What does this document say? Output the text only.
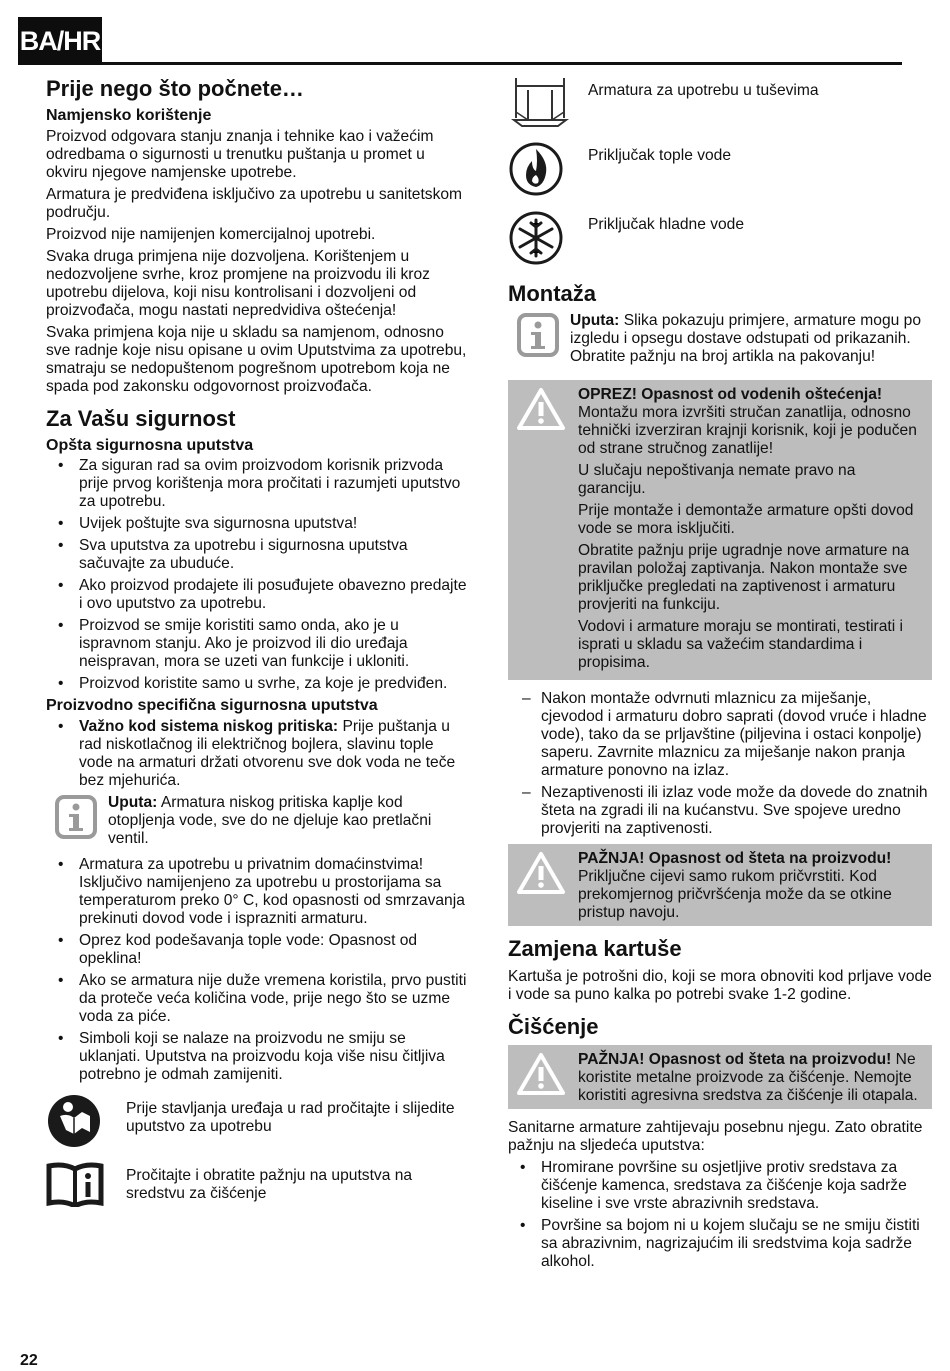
BA/HR
Prije nego što počnete…
Namjensko korištenje

Proizvod odgovara stanju znanja i tehnike kao i važećim odredbama o sigurnosti u trenutku puštanja u promet u okviru njegove namjenske upotrebe.

Armatura je predviđena isključivo za upotrebu u sanitetskom području.

Proizvod nije namijenjen komercijalnoj upotrebi.

Svaka druga primjena nije dozvoljena. Korištenjem u nedozvoljene svrhe, kroz promjene na proizvodu ili kroz upotrebu dijelova, koji nisu kontrolisani i dozvoljeni od proizvođača, mogu nastati nepredvidiva oštećenja!

Svaka primjena koja nije u skladu sa namjenom, odnosno sve radnje koje nisu opisane u ovim Uputstvima za upotrebu, smatraju se nedopuštenom pogrešnom upotrebom koja ne spada pod zakonsku odgovornost proizvođača.

Za Vašu sigurnost
Opšta sigurnosna uputstva
• Za siguran rad sa ovim proizvodom korisnik prizvoda prije prvog korištenja mora pročitati i razumjeti uputstvo za upotrebu.
• Uvijek poštujte sva sigurnosna uputstva!
• Sva uputstva za upotrebu i sigurnosna uputstva sačuvajte za ubuduće.
• Ako proizvod prodajete ili posuđujete obavezno predajte i ovo uputstvo za upotrebu.
• Proizvod se smije koristiti samo onda, ako je u ispravnom stanju. Ako je proizvod ili dio uređaja neispravan, mora se uzeti van funkcije i ukloniti.
• Proizvod koristite samo u svrhe, za koje je predviđen.
Proizvodno specifična sigurnosna uputstva
• Važno kod sistema niskog pritiska: Prije puštanja u rad niskotlačnog ili električnog bojlera, slavinu tople vode na armaturi držati otvorenu sve dok voda ne teče bez mjehurića.

Uputa: Armatura niskog pritiska kaplje kod otopljenja vode, sve do ne djeluje kao pretlačni ventil.

• Armatura za upotrebu u privatnim domaćinstvima! Isključivo namijenjeno za upotrebu u prostorijama sa temperaturom preko 0° C, kod opasnosti od smrzavanja prekinuti dovod vode i isprazniti armaturu.
• Oprez kod podešavanja tople vode: Opasnost od opeklina!
• Ako se armatura nije duže vremena koristila, prvo pustiti da proteče veća količina vode, prije nego što se uzme voda za piće.
• Simboli koji se nalaze na proizvodu ne smiju se uklanjati. Uputstva na proizvodu koja više nisu čitljiva potrebno je odmah zamijeniti.

Prije stavljanja uređaja u rad pročitajte i slijedite uputstvo za upotrebu

Pročitajte i obratite pažnju na uputstva na sredstvu za čišćenje

Armatura za upotrebu u tuševima

Priključak tople vode

Priključak hladne vode

Montaža

Uputa: Slika pokazuju primjere, armature mogu po izgledu i opsegu dostave odstupati od prikazanih. Obratite pažnju na broj artikla na pakovanju!

OPREZ! Opasnost od vodenih oštećenja! Montažu mora izvršiti stručan zanatlija, odnosno tehnički izverziran krajnji korisnik, koji je podučen od strane stručnog zanatlije!

U slučaju nepoštivanja nemate pravo na garanciju.

Prije montaže i demontaže armature opšti dovod vode se mora isključiti.

Obratite pažnju prije ugradnje nove armature na pravilan položaj zaptivanja. Nakon montaže sve priključke pregledati na zaptivenost i armaturu provjeriti na funkciju.

Vodovi i armature moraju se montirati, testirati i isprati u skladu sa važećim standardima i propisima.

– Nakon montaže odvrnuti mlaznicu za miješanje, cjevodod i armaturu dobro saprati (dovod vruće i hladne vode), tako da se prljavštine (piljevina i ostaci konpolje) saperu. Zavrnite mlaznicu za miješanje nakon pranja armature ponovno na izlaz.
– Nezaptivenosti ili izlaz vode može da dovede do znatnih šteta na zgradi ili na kućanstvu. Sve spojeve uredno provjeriti na zaptivenosti.

PAŽNJA! Opasnost od šteta na proizvodu! Priključne cijevi samo rukom pričvrstiti. Kod prekomjernog pričvršćenja može da se otkine pristup navoju.

Zamjena kartuše

Kartuša je potrošni dio, koji se mora obnoviti kod prljave vode i vode sa puno kalka po potrebi svake 1-2 godine.

Čišćenje

PAŽNJA! Opasnost od šteta na proizvodu! Ne koristite metalne proizvode za čišćenje. Nemojte koristiti agresivna sredstva za čišćenje ili otapala.

Sanitarne armature zahtijevaju posebnu njegu. Zato obratite pažnju na sljedeća uputstva:

• Hromirane površine su osjetljive protiv sredstava za čišćenje kamenca, sredstava za čišćenje koja sadrže kiseline i sve vrste abrazivnih sredstava.
• Površine sa bojom ni u kojem slučaju se ne smiju čistiti sa abrazivnim, nagrizajućim ili sredstvima koja sadrže alkohol.
22
